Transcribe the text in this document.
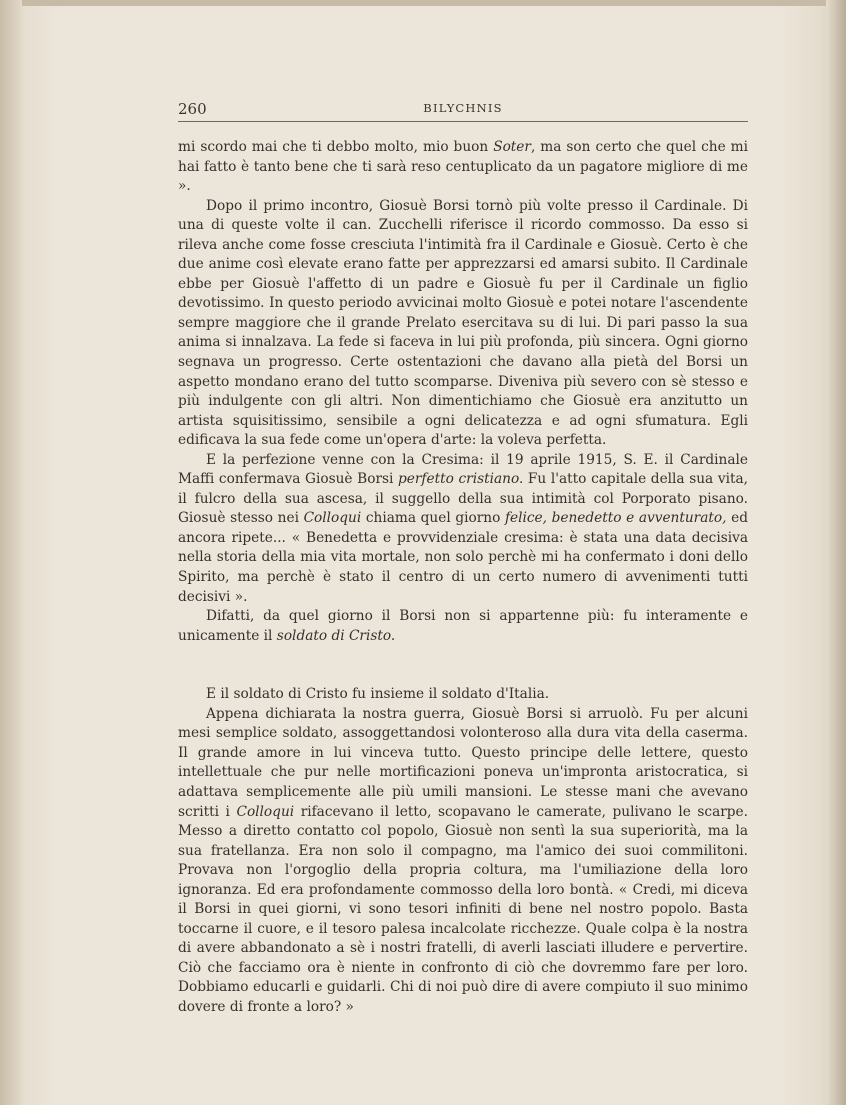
260	BILYCHNIS

mi scordo mai che ti debbo molto, mio buon Soter, ma son certo che quel che mi hai fatto è tanto bene che ti sarà reso centuplicato da un pagatore migliore di me ».

Dopo il primo incontro, Giosuè Borsi tornò più volte presso il Cardinale. Di una di queste volte il can. Zucchelli riferisce il ricordo commosso. Da esso si rileva anche come fosse cresciuta l'intimità fra il Cardinale e Giosuè. Certo è che due anime così elevate erano fatte per apprezzarsi ed amarsi subito. Il Cardinale ebbe per Giosuè l'affetto di un padre e Giosuè fu per il Cardinale un figlio devotissimo. In questo periodo avvicinai molto Giosuè e potei notare l'ascendente sempre maggiore che il grande Prelato esercitava su di lui. Di pari passo la sua anima si innalzava. La fede si faceva in lui più profonda, più sincera. Ogni giorno segnava un progresso. Certe ostentazioni che davano alla pietà del Borsi un aspetto mondano erano del tutto scomparse. Diveniva più severo con sè stesso e più indulgente con gli altri. Non dimentichiamo che Giosuè era anzitutto un artista squisitissimo, sensibile a ogni delicatezza e ad ogni sfumatura. Egli edificava la sua fede come un'opera d'arte: la voleva perfetta.

E la perfezione venne con la Cresima: il 19 aprile 1915, S. E. il Cardinale Maffi confermava Giosuè Borsi perfetto cristiano. Fu l'atto capitale della sua vita, il fulcro della sua ascesa, il suggello della sua intimità col Porporato pisano. Giosuè stesso nei Colloqui chiama quel giorno felice, benedetto e avventurato, ed ancora ripete... « Benedetta e provvidenziale cresima: è stata una data decisiva nella storia della mia vita mortale, non solo perchè mi ha confermato i doni dello Spirito, ma perchè è stato il centro di un certo numero di avvenimenti tutti decisivi ».

Difatti, da quel giorno il Borsi non si appartenne più: fu interamente e unicamente il soldato di Cristo.

E il soldato di Cristo fu insieme il soldato d'Italia.

Appena dichiarata la nostra guerra, Giosuè Borsi si arruolò. Fu per alcuni mesi semplice soldato, assoggettandosi volonteroso alla dura vita della caserma. Il grande amore in lui vinceva tutto. Questo principe delle lettere, questo intellettuale che pur nelle mortificazioni poneva un'impronta aristocratica, si adattava semplicemente alle più umili mansioni. Le stesse mani che avevano scritti i Colloqui rifacevano il letto, scopavano le camerate, pulivano le scarpe. Messo a diretto contatto col popolo, Giosuè non sentì la sua superiorità, ma la sua fratellanza. Era non solo il compagno, ma l'amico dei suoi commilitoni. Provava non l'orgoglio della propria coltura, ma l'umiliazione della loro ignoranza. Ed era profondamente commosso della loro bontà. « Credi, mi diceva il Borsi in quei giorni, vi sono tesori infiniti di bene nel nostro popolo. Basta toccarne il cuore, e il tesoro palesa incalcolate ricchezze. Quale colpa è la nostra di avere abbandonato a sè i nostri fratelli, di averli lasciati illudere e pervertire. Ciò che facciamo ora è niente in confronto di ciò che dovremmo fare per loro. Dobbiamo educarli e guidarli. Chi di noi può dire di avere compiuto il suo minimo dovere di fronte a loro? »
